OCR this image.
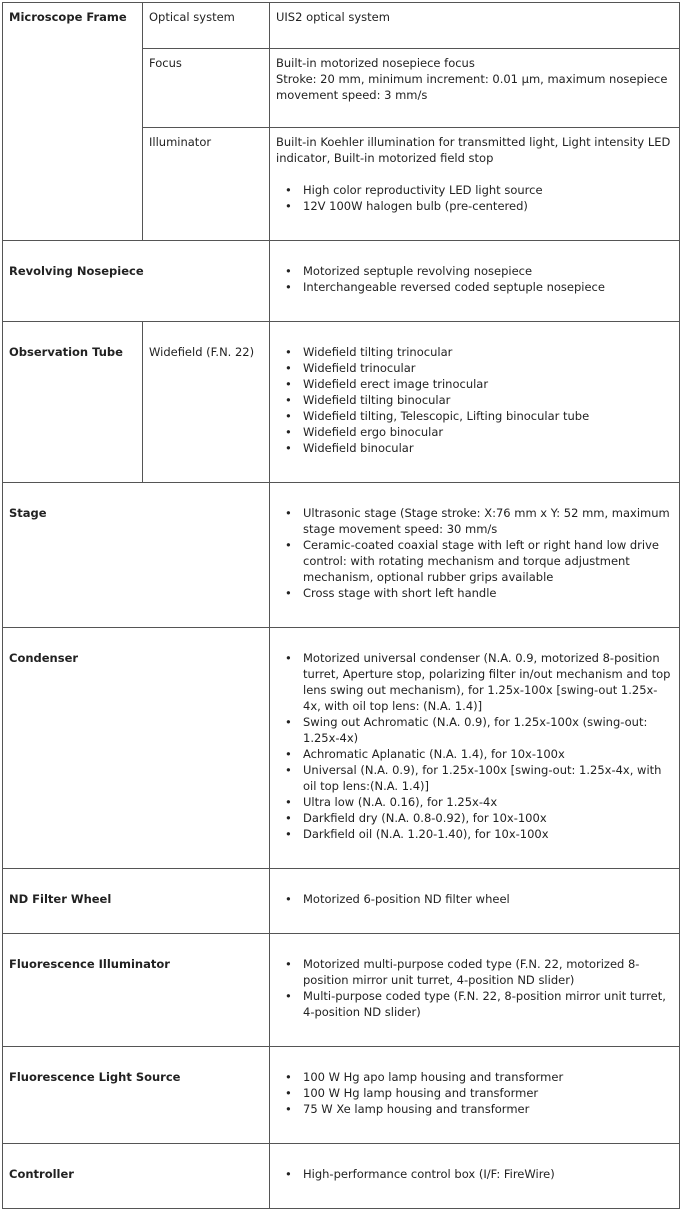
Microscope Frame	Optical system	UIS2 optical system
Focus	Built-in motorized nosepiece focus
Stroke: 20 mm, minimum increment: 0.01 µm, maximum nosepiece movement speed: 3 mm/s
Illuminator	Built-in Koehler illumination for transmitted light, Light intensity LED indicator, Built-in motorized field stop
• High color reproductivity LED light source
• 12V 100W halogen bulb (pre-centered)
Revolving Nosepiece	• Motorized septuple revolving nosepiece
• Interchangeable reversed coded septuple nosepiece
Observation Tube	Widefield (F.N. 22)	• Widefield tilting trinocular
• Widefield trinocular
• Widefield erect image trinocular
• Widefield tilting binocular
• Widefield tilting, Telescopic, Lifting binocular tube
• Widefield ergo binocular
• Widefield binocular
Stage	• Ultrasonic stage (Stage stroke: X:76 mm x Y: 52 mm, maximum stage movement speed: 30 mm/s
• Ceramic-coated coaxial stage with left or right hand low drive control: with rotating mechanism and torque adjustment mechanism, optional rubber grips available
• Cross stage with short left handle
Condenser	• Motorized universal condenser (N.A. 0.9, motorized 8-position turret, Aperture stop, polarizing filter in/out mechanism and top lens swing out mechanism), for 1.25x-100x [swing-out 1.25x-4x, with oil top lens: (N.A. 1.4)]
• Swing out Achromatic (N.A. 0.9), for 1.25x-100x (swing-out: 1.25x-4x)
• Achromatic Aplanatic (N.A. 1.4), for 10x-100x
• Universal (N.A. 0.9), for 1.25x-100x [swing-out: 1.25x-4x, with oil top lens:(N.A. 1.4)]
• Ultra low (N.A. 0.16), for 1.25x-4x
• Darkfield dry (N.A. 0.8-0.92), for 10x-100x
• Darkfield oil (N.A. 1.20-1.40), for 10x-100x
ND Filter Wheel	• Motorized 6-position ND filter wheel
Fluorescence Illuminator	• Motorized multi-purpose coded type (F.N. 22, motorized 8-position mirror unit turret, 4-position ND slider)
• Multi-purpose coded type (F.N. 22, 8-position mirror unit turret, 4-position ND slider)
Fluorescence Light Source	• 100 W Hg apo lamp housing and transformer
• 100 W Hg lamp housing and transformer
• 75 W Xe lamp housing and transformer
Controller	• High-performance control box (I/F: FireWire)
